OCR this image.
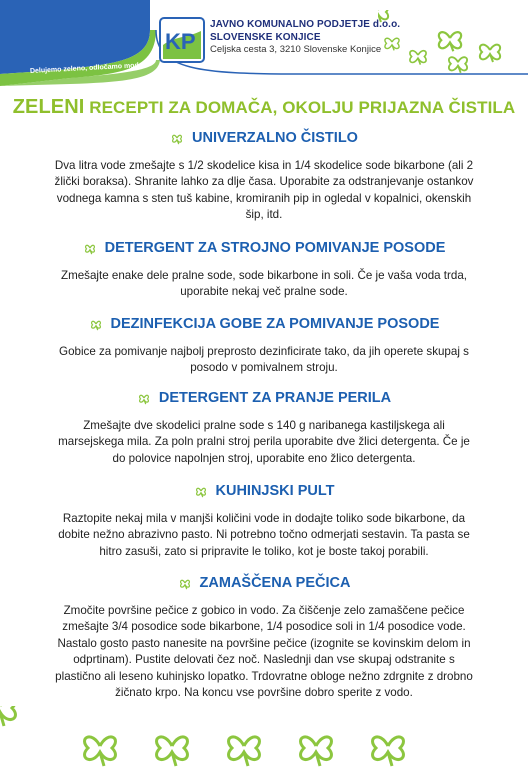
KP
JAVNO KOMUNALNO PODJETJE d.o.o.
SLOVENSKE KONJICE
Celjska cesta 3, 3210 Slovenske Konjice
Delujemo zeleno, odločamo modro!
ZELENI RECEPTI ZA DOMAČA, OKOLJU PRIJAZNA ČISTILA
UNIVERZALNO ČISTILO
Dva litra vode zmešajte s 1/2 skodelice kisa in 1/4 skodelice sode bikarbone (ali 2
žlički boraksa). Shranite lahko za dlje časa. Uporabite za odstranjevanje ostankov
vodnega kamna s sten tuš kabine, kromiranih pip in ogledal v kopalnici, okenskih
šip, itd.
DETERGENT ZA STROJNO POMIVANJE POSODE
Zmešajte enake dele pralne sode, sode bikarbone in soli. Če je vaša voda trda,
uporabite nekaj več pralne sode.
DEZINFEKCIJA GOBE ZA POMIVANJE POSODE
Gobice za pomivanje najbolj preprosto dezinficirate tako, da jih operete skupaj s
posodo v pomivalnem stroju.
DETERGENT ZA PRANJE PERILA
Zmešajte dve skodelici pralne sode s 140 g naribanega kastiljskega ali
marsejskega mila. Za poln pralni stroj perila uporabite dve žlici detergenta. Če je
do polovice napolnjen stroj, uporabite eno žlico detergenta.
KUHINJSKI PULT
Raztopite nekaj mila v manjši količini vode in dodajte toliko sode bikarbone, da
dobite nežno abrazivno pasto. Ni potrebno točno odmerjati sestavin. Ta pasta se
hitro zasuši, zato si pripravite le toliko, kot je boste takoj porabili.
ZAMAŠČENA PEČICA
Zmočite površine pečice z gobico in vodo. Za čiščenje zelo zamaščene pečice
zmešajte 3/4 posodice sode bikarbone, 1/4 posodice soli in 1/4 posodice vode.
Nastalo gosto pasto nanesite na površine pečice (izognite se kovinskim delom in
odprtinam). Pustite delovati čez noč. Naslednji dan vse skupaj odstranite s
plastično ali leseno kuhinjsko lopatko. Trdovratne obloge nežno zdrgnite z drobno
žičnato krpo. Na koncu vse površine dobro sperite z vodo.
